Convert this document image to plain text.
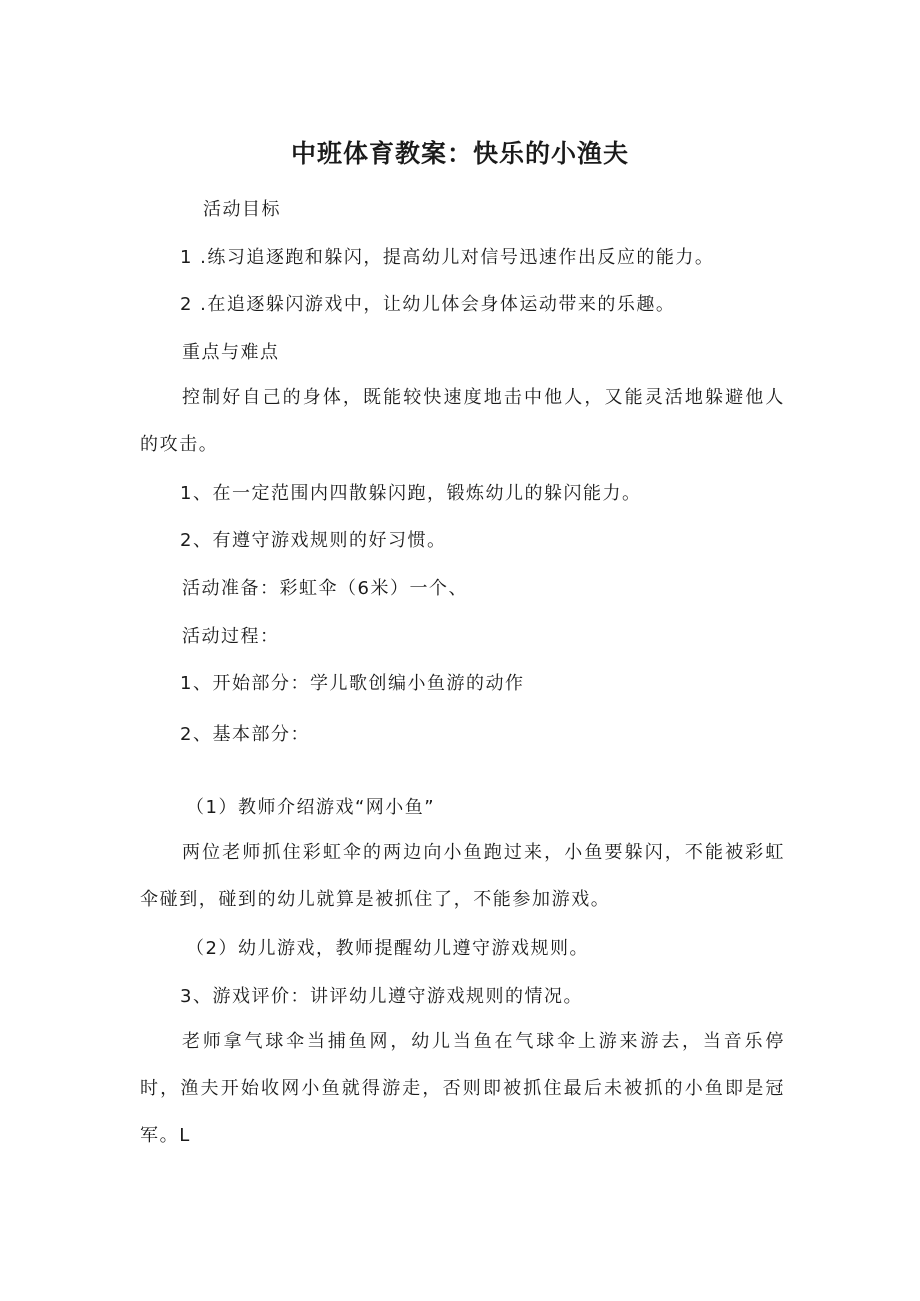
中班体育教案：快乐的小渔夫

活动目标

1 .练习追逐跑和躲闪，提高幼儿对信号迅速作出反应的能力。

2 .在追逐躲闪游戏中，让幼儿体会身体运动带来的乐趣。

重点与难点

控制好自己的身体，既能较快速度地击中他人，又能灵活地躲避他人的攻击。

1、在一定范围内四散躲闪跑，锻炼幼儿的躲闪能力。

2、有遵守游戏规则的好习惯。

活动准备：彩虹伞（6米）一个、

活动过程：

1、开始部分：学儿歌创编小鱼游的动作

2、基本部分：

（1）教师介绍游戏“网小鱼”

两位老师抓住彩虹伞的两边向小鱼跑过来，小鱼要躲闪，不能被彩虹伞碰到，碰到的幼儿就算是被抓住了，不能参加游戏。

（2）幼儿游戏，教师提醒幼儿遵守游戏规则。

3、游戏评价：讲评幼儿遵守游戏规则的情况。

老师拿气球伞当捕鱼网，幼儿当鱼在气球伞上游来游去，当音乐停时，渔夫开始收网小鱼就得游走，否则即被抓住最后未被抓的小鱼即是冠军。L
